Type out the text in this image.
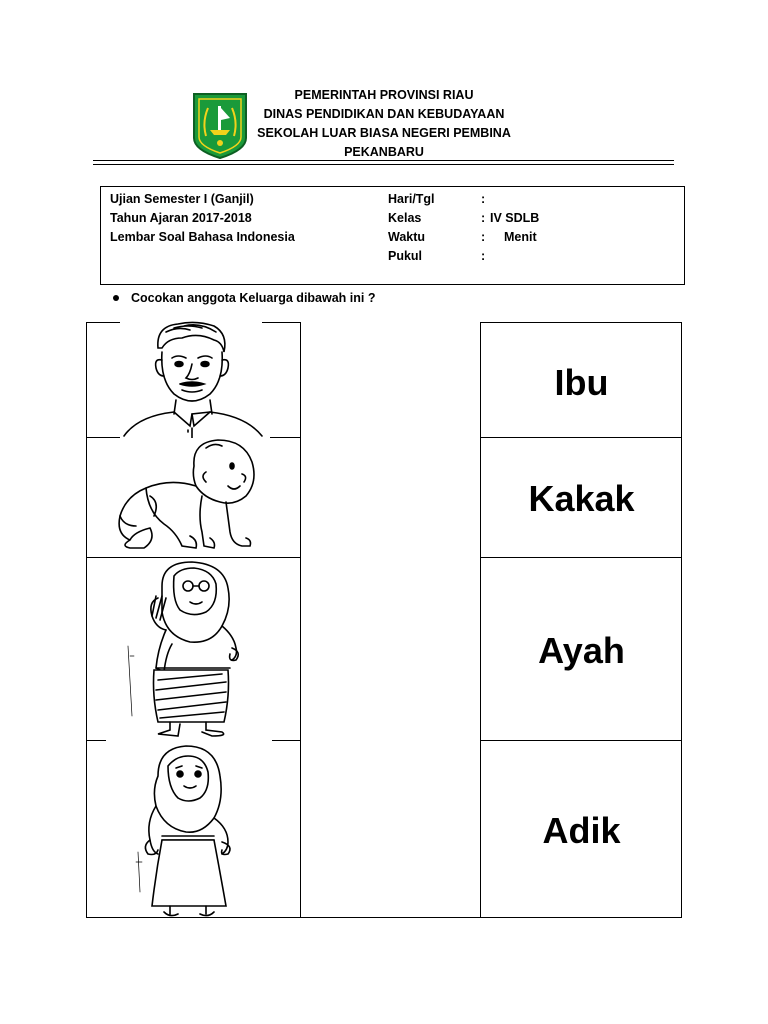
PEMERINTAH PROVINSI RIAU
DINAS PENDIDIKAN DAN KEBUDAYAAN
SEKOLAH LUAR BIASA NEGERI PEMBINA
PEKANBARU
Ujian Semester I (Ganjil)
Tahun Ajaran 2017-2018
Lembar Soal Bahasa Indonesia
Hari/Tgl
Kelas
Waktu
Pukul
:
:
:
:
IV SDLB
Menit
Cocokan anggota Keluarga dibawah ini ?
Ibu
Kakak
Ayah
Adik
